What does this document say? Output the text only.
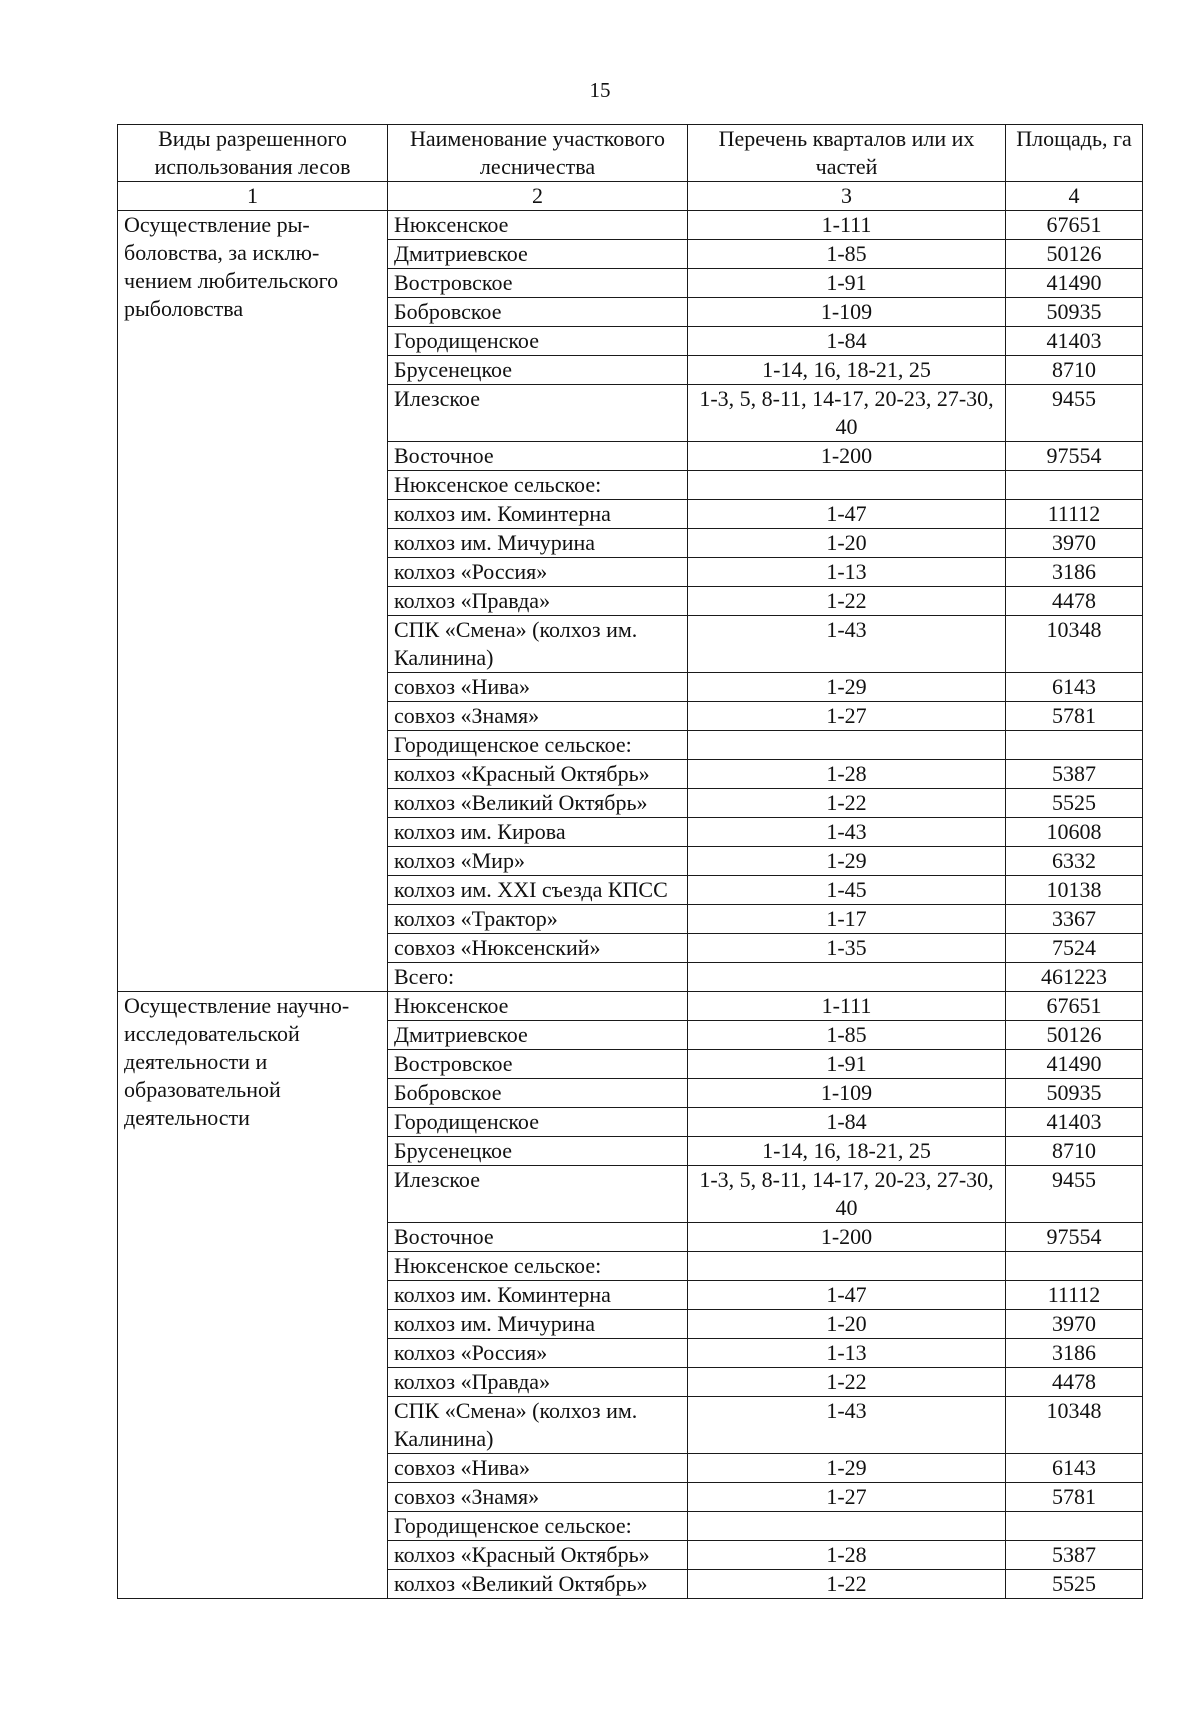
15
Виды разрешенного использования лесов	Наименование участкового лесничества	Перечень кварталов или их частей	Площадь, га
1	2	3	4
Осуществление ры-боловства, за исклю-чением любительского рыболовства	Нюксенское	1-111	67651
	Дмитриевское	1-85	50126
	Востровское	1-91	41490
	Бобровское	1-109	50935
	Городищенское	1-84	41403
	Брусенецкое	1-14, 16, 18-21, 25	8710
	Илезское	1-3, 5, 8-11, 14-17, 20-23, 27-30, 40	9455
	Восточное	1-200	97554
	Нюксенское сельское:		
	колхоз им. Коминтерна	1-47	11112
	колхоз им. Мичурина	1-20	3970
	колхоз «Россия»	1-13	3186
	колхоз «Правда»	1-22	4478
	СПК «Смена» (колхоз им. Калинина)	1-43	10348
	совхоз «Нива»	1-29	6143
	совхоз «Знамя»	1-27	5781
	Городищенское сельское:		
	колхоз «Красный Октябрь»	1-28	5387
	колхоз «Великий Октябрь»	1-22	5525
	колхоз им. Кирова	1-43	10608
	колхоз «Мир»	1-29	6332
	колхоз им. XXI съезда КПСС	1-45	10138
	колхоз «Трактор»	1-17	3367
	совхоз «Нюксенский»	1-35	7524
	Всего:		461223
Осуществление научно-исследовательской деятельности и образовательной деятельности	Нюксенское	1-111	67651
	Дмитриевское	1-85	50126
	Востровское	1-91	41490
	Бобровское	1-109	50935
	Городищенское	1-84	41403
	Брусенецкое	1-14, 16, 18-21, 25	8710
	Илезское	1-3, 5, 8-11, 14-17, 20-23, 27-30, 40	9455
	Восточное	1-200	97554
	Нюксенское сельское:		
	колхоз им. Коминтерна	1-47	11112
	колхоз им. Мичурина	1-20	3970
	колхоз «Россия»	1-13	3186
	колхоз «Правда»	1-22	4478
	СПК «Смена» (колхоз им. Калинина)	1-43	10348
	совхоз «Нива»	1-29	6143
	совхоз «Знамя»	1-27	5781
	Городищенское сельское:		
	колхоз «Красный Октябрь»	1-28	5387
	колхоз «Великий Октябрь»	1-22	5525
